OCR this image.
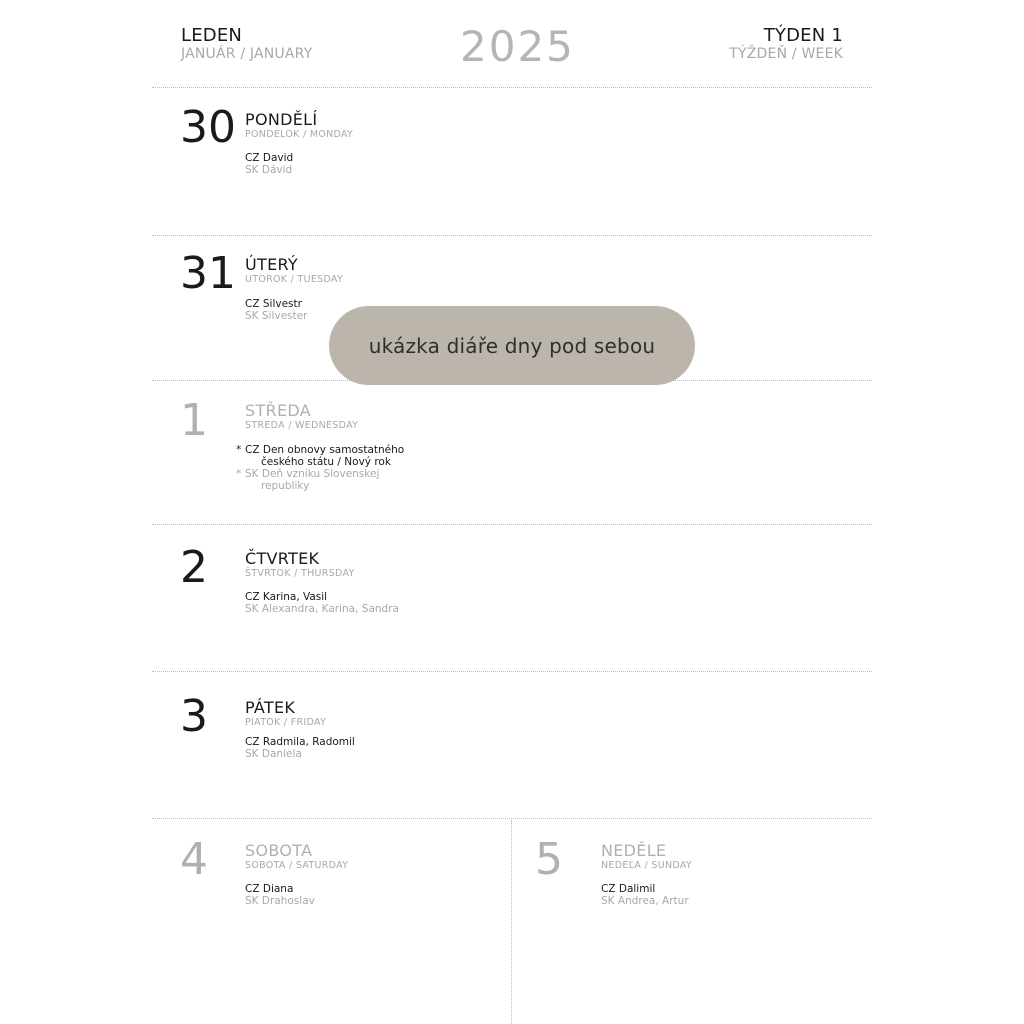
LEDEN
JANUÁR / JANUARY	2025	TÝDEN 1
TÝŽDEŇ / WEEK
30 PONDĚLÍ
PONDELOK / MONDAY
CZ David
SK Dávid
31 ÚTERÝ
UTOROK / TUESDAY
CZ Silvestr
SK Silvester
1 STŘEDA
STREDA / WEDNESDAY
* CZ Den obnovy samostatného
českého státu / Nový rok
* SK Deň vzniku Slovenskej
republiky
2 ČTVRTEK
ŠTVRTOK / THURSDAY
CZ Karina, Vasil
SK Alexandra, Karina, Sandra
3 PÁTEK
PIATOK / FRIDAY
CZ Radmila, Radomil
SK Daniela
4 SOBOTA
SOBOTA / SATURDAY
CZ Diana
SK Drahoslav
5 NEDĚLE
NEDEĽA / SUNDAY
CZ Dalimil
SK Andrea, Artur
ukázka diáře dny pod sebou
